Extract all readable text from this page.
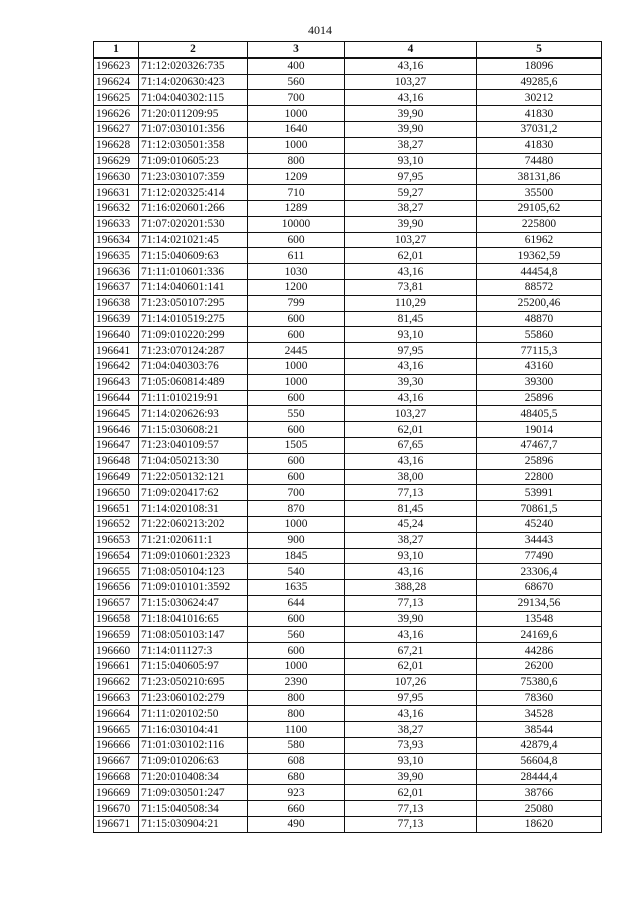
4014
1	2	3	4	5
196623	71:12:020326:735	400	43,16	18096
196624	71:14:020630:423	560	103,27	49285,6
196625	71:04:040302:115	700	43,16	30212
196626	71:20:011209:95	1000	39,90	41830
196627	71:07:030101:356	1640	39,90	37031,2
196628	71:12:030501:358	1000	38,27	41830
196629	71:09:010605:23	800	93,10	74480
196630	71:23:030107:359	1209	97,95	38131,86
196631	71:12:020325:414	710	59,27	35500
196632	71:16:020601:266	1289	38,27	29105,62
196633	71:07:020201:530	10000	39,90	225800
196634	71:14:021021:45	600	103,27	61962
196635	71:15:040609:63	611	62,01	19362,59
196636	71:11:010601:336	1030	43,16	44454,8
196637	71:14:040601:141	1200	73,81	88572
196638	71:23:050107:295	799	110,29	25200,46
196639	71:14:010519:275	600	81,45	48870
196640	71:09:010220:299	600	93,10	55860
196641	71:23:070124:287	2445	97,95	77115,3
196642	71:04:040303:76	1000	43,16	43160
196643	71:05:060814:489	1000	39,30	39300
196644	71:11:010219:91	600	43,16	25896
196645	71:14:020626:93	550	103,27	48405,5
196646	71:15:030608:21	600	62,01	19014
196647	71:23:040109:57	1505	67,65	47467,7
196648	71:04:050213:30	600	43,16	25896
196649	71:22:050132:121	600	38,00	22800
196650	71:09:020417:62	700	77,13	53991
196651	71:14:020108:31	870	81,45	70861,5
196652	71:22:060213:202	1000	45,24	45240
196653	71:21:020611:1	900	38,27	34443
196654	71:09:010601:2323	1845	93,10	77490
196655	71:08:050104:123	540	43,16	23306,4
196656	71:09:010101:3592	1635	388,28	68670
196657	71:15:030624:47	644	77,13	29134,56
196658	71:18:041016:65	600	39,90	13548
196659	71:08:050103:147	560	43,16	24169,6
196660	71:14:011127:3	600	67,21	44286
196661	71:15:040605:97	1000	62,01	26200
196662	71:23:050210:695	2390	107,26	75380,6
196663	71:23:060102:279	800	97,95	78360
196664	71:11:020102:50	800	43,16	34528
196665	71:16:030104:41	1100	38,27	38544
196666	71:01:030102:116	580	73,93	42879,4
196667	71:09:010206:63	608	93,10	56604,8
196668	71:20:010408:34	680	39,90	28444,4
196669	71:09:030501:247	923	62,01	38766
196670	71:15:040508:34	660	77,13	25080
196671	71:15:030904:21	490	77,13	18620
